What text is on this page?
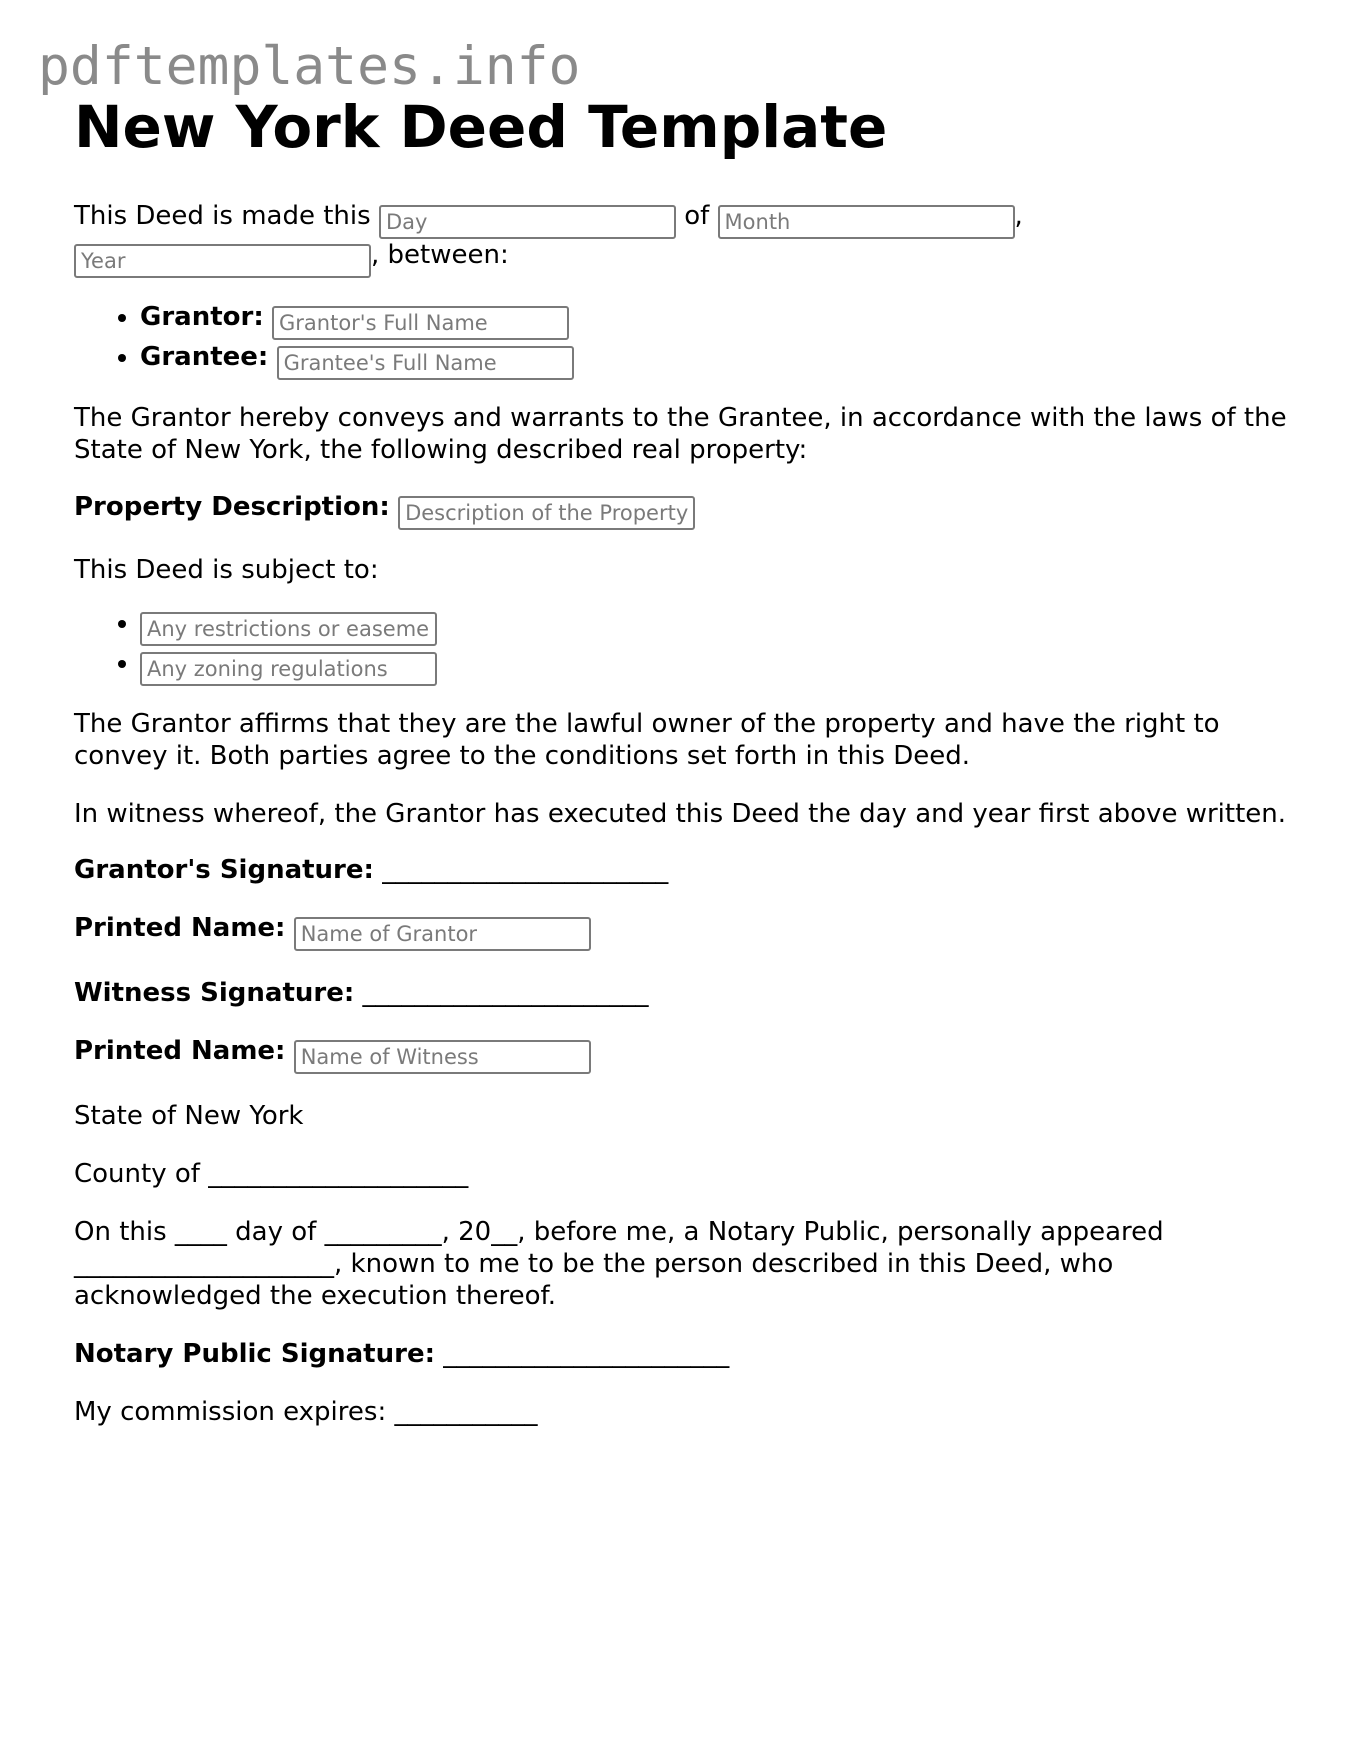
pdftemplates.info
New York Deed Template

This Deed is made this Day	of Month	,
Year, between:

• Grantor: Grantor's Full Name
• Grantee: Grantee's Full Name

The Grantor hereby conveys and warrants to the Grantee, in accordance with the laws of the State of New York, the following described real property:

Property Description: Description of the Property

This Deed is subject to:

• Any restrictions or easements
• Any zoning regulations

The Grantor affirms that they are the lawful owner of the property and have the right to convey it. Both parties agree to the conditions set forth in this Deed.

In witness whereof, the Grantor has executed this Deed the day and year first above written.

Grantor's Signature: ______________________

Printed Name: Name of Grantor

Witness Signature: ______________________

Printed Name: Name of Witness

State of New York

County of ____________________

On this ____ day of _________, 20__, before me, a Notary Public, personally appeared ____________________, known to me to be the person described in this Deed, who acknowledged the execution thereof.

Notary Public Signature: ______________________

My commission expires: ___________
